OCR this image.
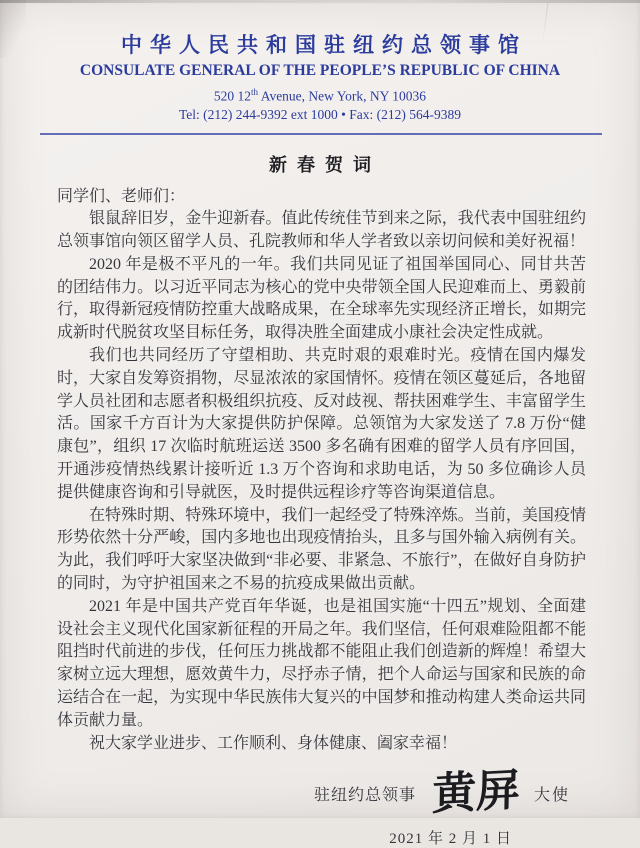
中华人民共和国驻纽约总领事馆
CONSULATE GENERAL OF THE PEOPLE’S REPUBLIC OF CHINA
520 12th Avenue, New York, NY 10036
Tel: (212) 244-9392 ext 1000 • Fax: (212) 564-9389
新春贺词

同学们、老师们：

银鼠辞旧岁，金牛迎新春。值此传统佳节到来之际，我代表中国驻纽约总领事馆向领区留学人员、孔院教师和华人学者致以亲切问候和美好祝福！

2020 年是极不平凡的一年。我们共同见证了祖国举国同心、同甘共苦的团结伟力。以习近平同志为核心的党中央带领全国人民迎难而上、勇毅前行，取得新冠疫情防控重大战略成果，在全球率先实现经济正增长，如期完成新时代脱贫攻坚目标任务，取得决胜全面建成小康社会决定性成就。

我们也共同经历了守望相助、共克时艰的艰难时光。疫情在国内爆发时，大家自发筹资捐物，尽显浓浓的家国情怀。疫情在领区蔓延后，各地留学人员社团和志愿者积极组织抗疫、反对歧视、帮扶困难学生、丰富留学生活。国家千方百计为大家提供防护保障。总领馆为大家发送了 7.8 万份“健康包”，组织 17 次临时航班运送 3500 多名确有困难的留学人员有序回国，开通涉疫情热线累计接听近 1.3 万个咨询和求助电话，为 50 多位确诊人员提供健康咨询和引导就医，及时提供远程诊疗等咨询渠道信息。

在特殊时期、特殊环境中，我们一起经受了特殊淬炼。当前，美国疫情形势依然十分严峻，国内多地也出现疫情抬头，且多与国外输入病例有关。为此，我们呼吁大家坚决做到“非必要、非紧急、不旅行”，在做好自身防护的同时，为守护祖国来之不易的抗疫成果做出贡献。

2021 年是中国共产党百年华诞，也是祖国实施“十四五”规划、全面建设社会主义现代化国家新征程的开局之年。我们坚信，任何艰难险阻都不能阻挡时代前进的步伐，任何压力挑战都不能阻止我们创造新的辉煌！希望大家树立远大理想，愿效黄牛力，尽抒赤子情，把个人命运与国家和民族的命运结合在一起，为实现中华民族伟大复兴的中国梦和推动构建人类命运共同体贡献力量。

祝大家学业进步、工作顺利、身体健康、阖家幸福！

驻纽约总领事 黄屏 大使
2021 年 2 月 1 日
